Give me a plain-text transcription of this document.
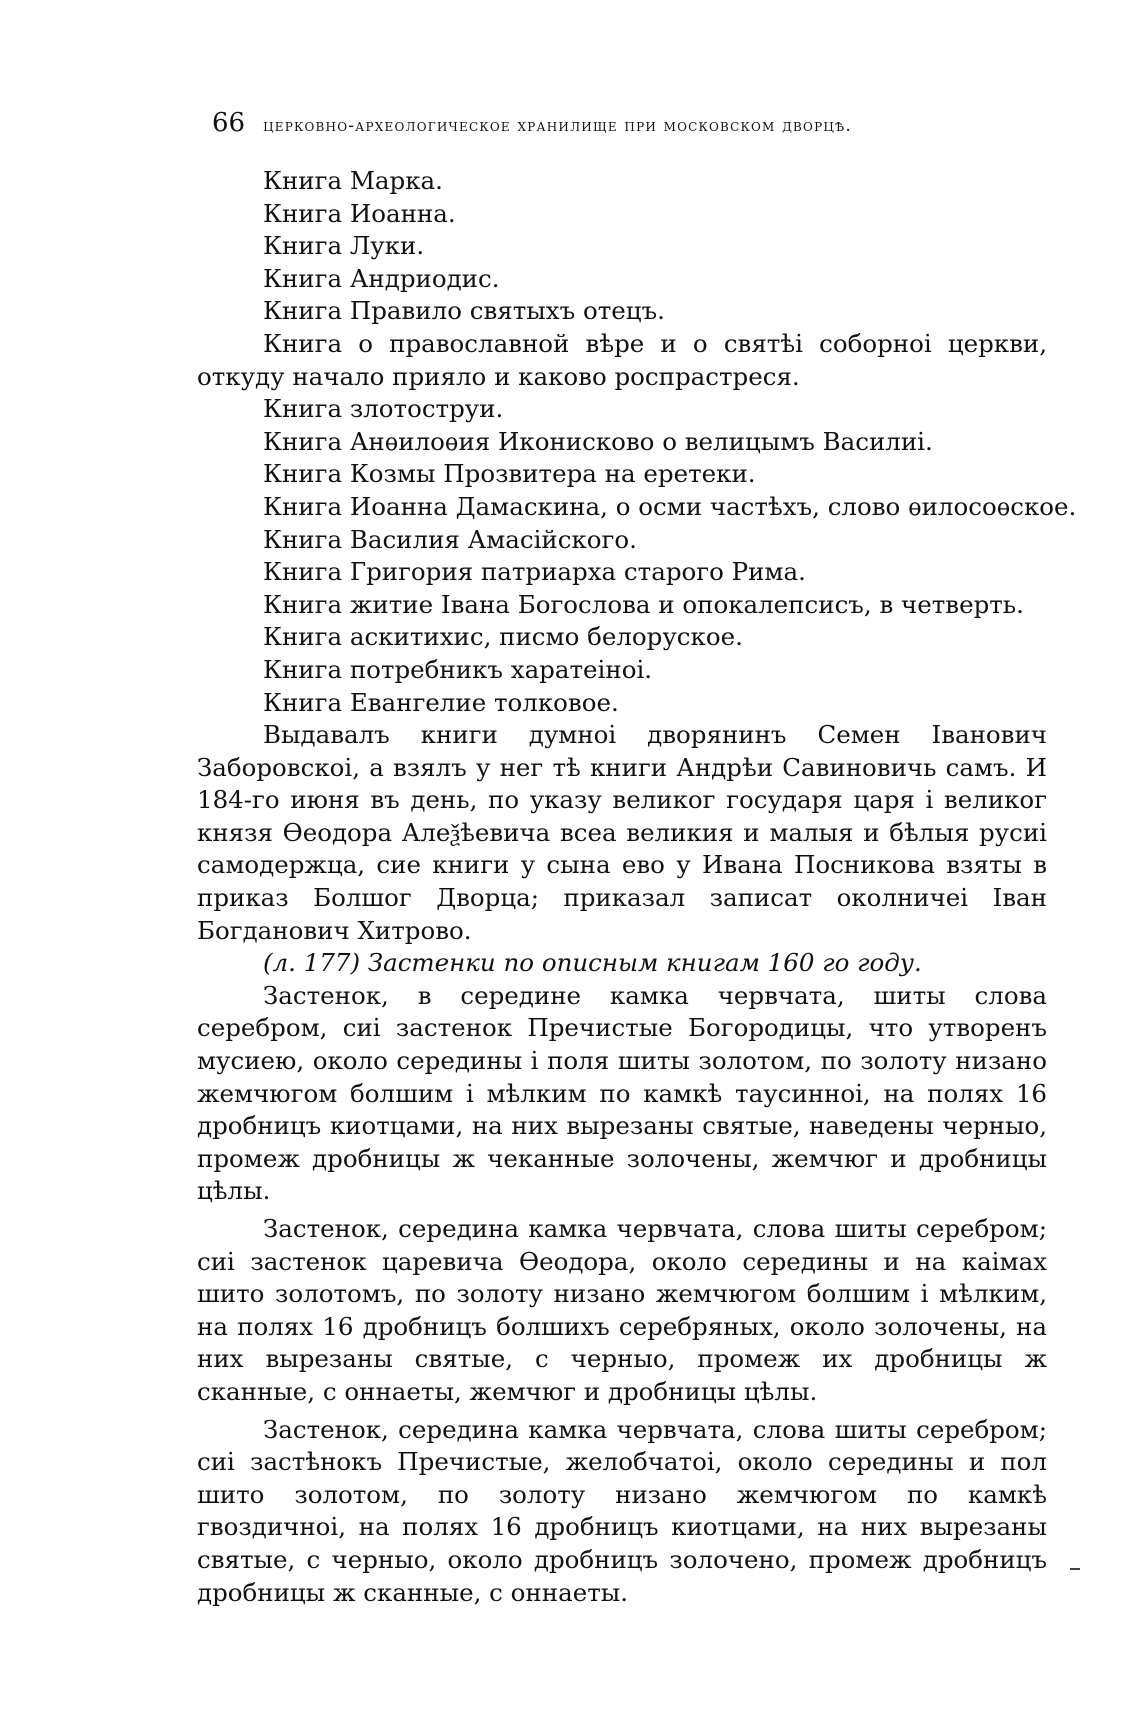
66 церковно-археологическое хранилище при московском дворцѣ.
Книга Марка.
Книга Иоанна.
Книга Луки.
Книга Андриодис.
Книга Правило святыхъ отецъ.

Книга о православной вѣре и о святѣі соборноі церкви, откуду начало прияло и каково роспрастреся.

Книга злотоструи.
Книга Анѳилоѳия Иконисково о велицымъ Василиі.
Книга Козмы Прозвитера на еретеки.
Книга Иоанна Дамаскина, о осми частѣхъ, слово ѳилосоѳское.
Книга Василия Амасійского.
Книга Григория патриарха старого Рима.
Книга житие Івана Богослова и опокалепсисъ, в четверть.
Книга аскитихис, писмо белоруское.
Книга потребникъ харатеіноі.
Книга Евангелие толковое.

Выдавалъ книги думноі дворянинъ Семен Іванович Заборовскоі, а взялъ у нег тѣ книги Андрѣи Савиновичь самъ. И 184-го июня въ день, по указу великог государя царя і великог князя Ѳеодора Алеѯѣевича всеа великия и малыя и бѣлыя русиі самодержца, сие книги у сына ево у Ивана Посникова взяты в приказ Болшог Дворца; приказал записат околничеі Іван Богданович Хитрово.

(л. 177) Застенки по описным книгам 160 го году.

Застенок, в середине камка червчата, шиты слова серебром, сиі застенок Пречистые Богородицы, что утворенъ мусиею, около середины і поля шиты золотом, по золоту низано жемчюгом болшим і мѣлким по камкѣ таусинноі, на полях 16 дробницъ киотцами, на них вырезаны святые, наведены черныо, промеж дробницы ж чеканные золочены, жемчюг и дробницы цѣлы.

Застенок, середина камка червчата, слова шиты серебром; сиі застенок царевича Ѳеодора, около середины и на каімах шито золотомъ, по золоту низано жемчюгом болшим і мѣлким, на полях 16 дробницъ болшихъ серебряных, около золочены, на них вырезаны святые, с черныо, промеж их дробницы ж сканные, с оннаеты, жемчюг и дробницы цѣлы.

Застенок, середина камка червчата, слова шиты серебром; сиі застѣнокъ Пречистые, желобчатоі, около середины и пол шито золотом, по золоту низано жемчюгом по камкѣ гвоздичноі, на полях 16 дробницъ киотцами, на них вырезаны святые, с черныо, около дробницъ золочено, промеж дробницъ дробницы ж сканные, с оннаеты.
